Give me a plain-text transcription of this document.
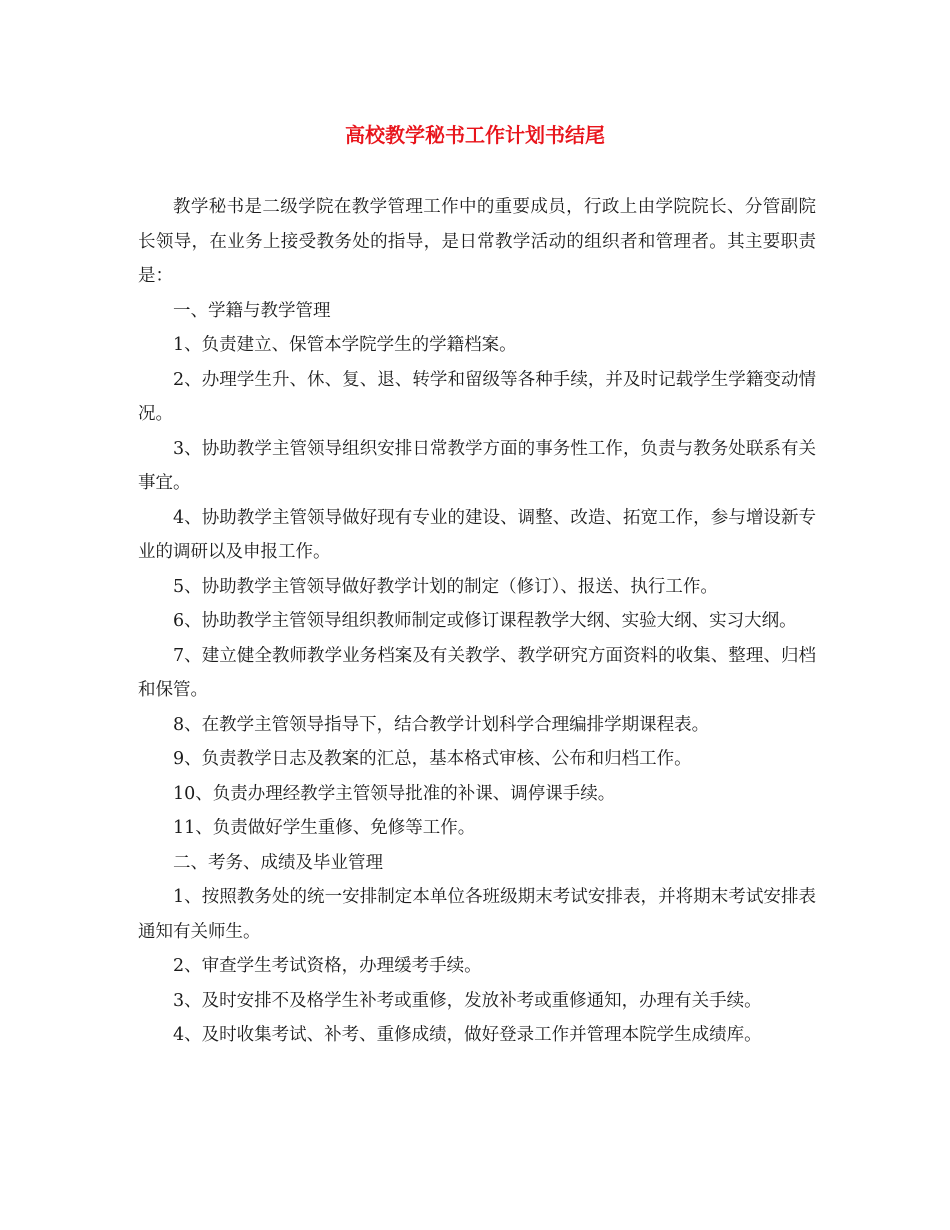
高校教学秘书工作计划书结尾

教学秘书是二级学院在教学管理工作中的重要成员，行政上由学院院长、分管副院长领导，在业务上接受教务处的指导，是日常教学活动的组织者和管理者。其主要职责是：

一、学籍与教学管理

1、负责建立、保管本学院学生的学籍档案。

2、办理学生升、休、复、退、转学和留级等各种手续，并及时记载学生学籍变动情况。

3、协助教学主管领导组织安排日常教学方面的事务性工作，负责与教务处联系有关事宜。

4、协助教学主管领导做好现有专业的建设、调整、改造、拓宽工作，参与增设新专业的调研以及申报工作。

5、协助教学主管领导做好教学计划的制定（修订）、报送、执行工作。

6、协助教学主管领导组织教师制定或修订课程教学大纲、实验大纲、实习大纲。

7、建立健全教师教学业务档案及有关教学、教学研究方面资料的收集、整理、归档和保管。

8、在教学主管领导指导下，结合教学计划科学合理编排学期课程表。

9、负责教学日志及教案的汇总，基本格式审核、公布和归档工作。

10、负责办理经教学主管领导批准的补课、调停课手续。

11、负责做好学生重修、免修等工作。

二、考务、成绩及毕业管理

1、按照教务处的统一安排制定本单位各班级期末考试安排表，并将期末考试安排表通知有关师生。

2、审查学生考试资格，办理缓考手续。

3、及时安排不及格学生补考或重修，发放补考或重修通知，办理有关手续。

4、及时收集考试、补考、重修成绩，做好登录工作并管理本院学生成绩库。
